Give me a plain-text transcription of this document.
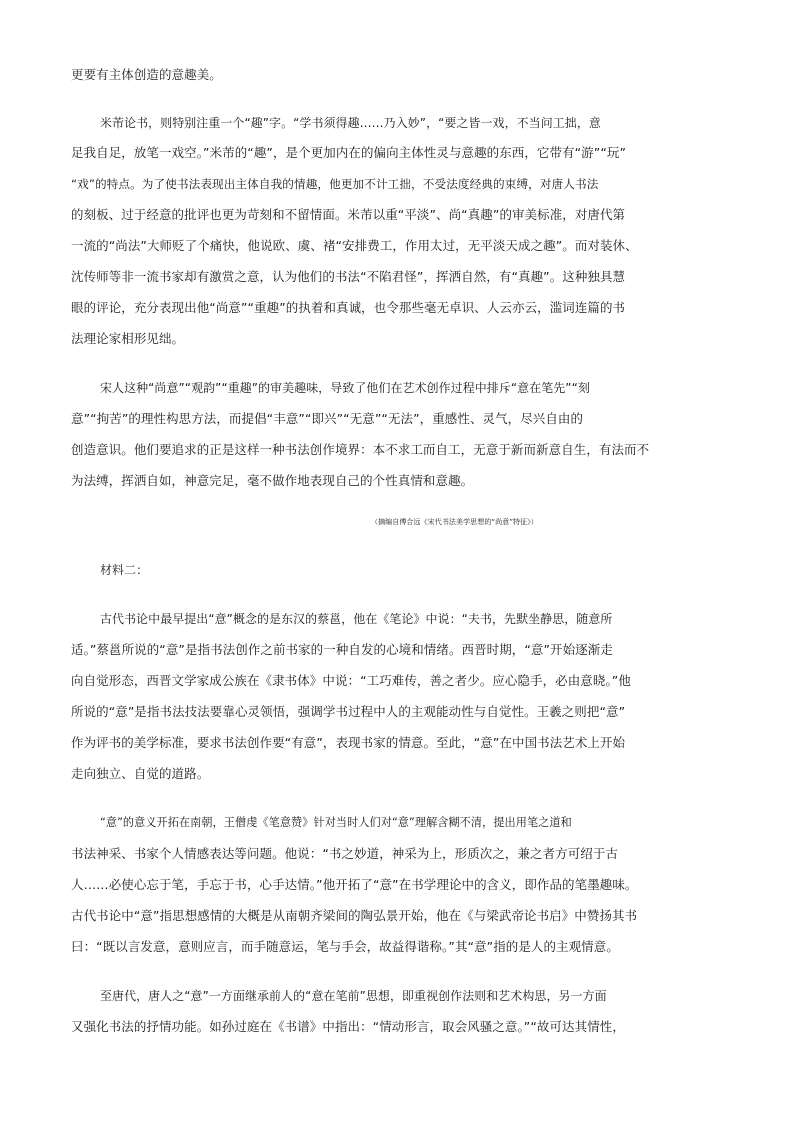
更要有主体创造的意趣美。

米芾论书，则特别注重一个“趣”字。“学书须得趣……乃入妙”，“要之皆一戏，不当问工拙，意

足我自足，放笔一戏空。”米芾的“趣”，是个更加内在的偏向主体性灵与意趣的东西，它带有“游”“玩”

“戏”的特点。为了使书法表现出主体自我的情趣，他更加不计工拙，不受法度经典的束缚，对唐人书法

的刻板、过于经意的批评也更为苛刻和不留情面。米芾以重“平淡”、尚“真趣”的审美标准，对唐代第

一流的“尚法”大师贬了个痛快，他说欧、虞、褚“安排费工，作用太过，无平淡天成之趣”。而对装休、

沈传师等非一流书家却有激赏之意，认为他们的书法“不陷君怪”，挥洒自然，有“真趣”。这种独具慧

眼的评论，充分表现出他“尚意”“重趣”的执着和真诚，也令那些毫无卓识、人云亦云，滥词连篇的书

法理论家相形见绌。

宋人这种“尚意”“观韵”“重趣”的审美趣味，导致了他们在艺术创作过程中排斥“意在笔先”“刻

意”“拘苦”的理性构思方法，而提倡“丰意”“即兴”“无意”“无法”，重感性、灵气，尽兴自由的

创造意识。他们要追求的正是这样一种书法创作境界：本不求工而自工，无意于新而新意自生，有法而不

为法缚，挥洒自如，神意完足，毫不做作地表现自己的个性真情和意趣。

（摘编自傅合远《宋代书法美学思想的“尚意”特征》）

材料二：

古代书论中最早提出“意”概念的是东汉的蔡邕，他在《笔论》中说：“夫书，先默坐静思，随意所

适。”蔡邕所说的“意”是指书法创作之前书家的一种自发的心境和情绪。西晋时期，“意”开始逐渐走

向自觉形态，西晋文学家成公族在《隶书体》中说：“工巧难传，善之者少。应心隐手，必由意晓。”他

所说的“意”是指书法技法要靠心灵领悟，强调学书过程中人的主观能动性与自觉性。王羲之则把“意”

作为评书的美学标准，要求书法创作要“有意”，表现书家的情意。至此，“意”在中国书法艺术上开始

走向独立、自觉的道路。

“意”的意义开拓在南朝，王僧虔《笔意赞》针对当时人们对“意”理解含糊不清，提出用笔之道和

书法神采、书家个人情感表达等问题。他说：“书之妙道，神采为上，形质次之，兼之者方可绍于古

人……必使心忘于笔，手忘于书，心手达情。”他开拓了“意”在书学理论中的含义，即作品的笔墨趣味。

古代书论中“意”指思想感情的大概是从南朝齐梁间的陶弘景开始，他在《与梁武帝论书启》中赞扬其书

曰：“既以言发意，意则应言，而手随意运，笔与手会，故益得谐称。”其“意”指的是人的主观情意。

至唐代，唐人之“意”一方面继承前人的“意在笔前”思想，即重视创作法则和艺术构思，另一方面

又强化书法的抒情功能。如孙过庭在《书谱》中指出：“情动形言，取会风骚之意。”“故可达其情性，
